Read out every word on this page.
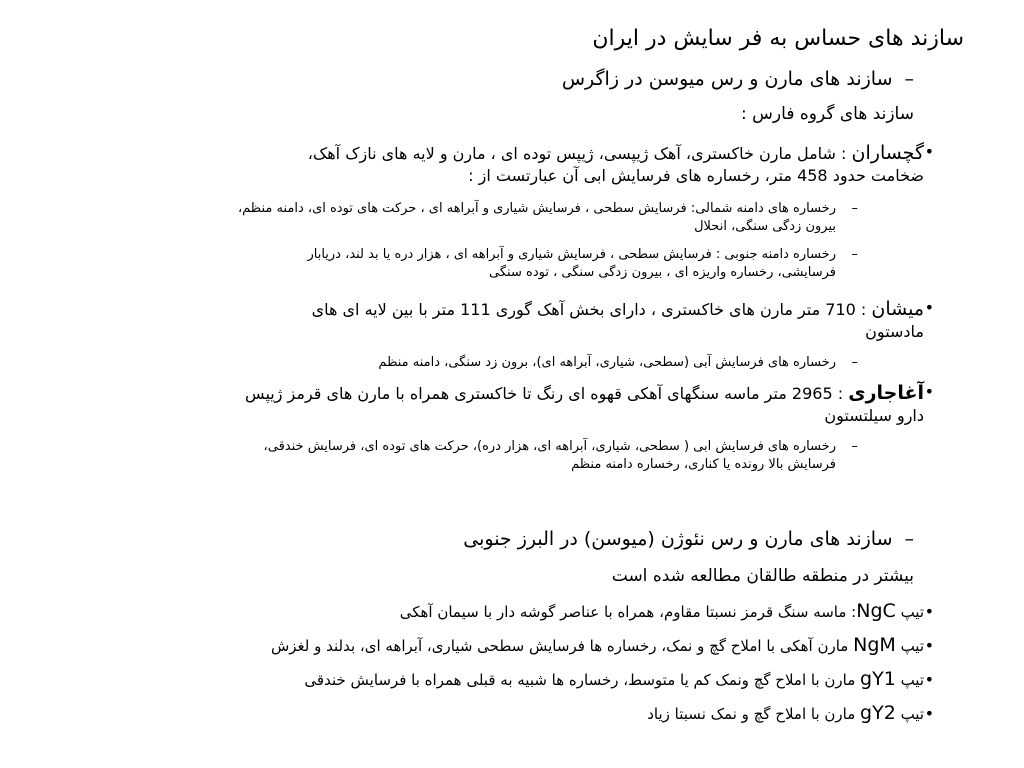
سازند های حساس به فر سایش در ایران
–سازند های مارن و رس میوسن در زاگرس
سازند های گروه فارس :
•
گچساران : شامل مارن خاکستری، آهک ژیپسی، ژیپس توده ای ، مارن و لایه های نازک آهک،
ضخامت حدود 458 متر، رخساره های فرسایش ابی آن عبارتست از :
–
رخساره های دامنه شمالی: فرسایش سطحی ، فرسایش شیاری و آبراهه ای ، حرکت های توده ای، دامنه منظم،
بیرون زدگی سنگی، انحلال
–
رخساره دامنه جنوبی : فرسایش سطحی ، فرسایش شیاری و آبراهه ای ، هزار دره یا بد لند، دریابار
فرسایشی، رخساره واریزه ای ، بیرون زدگی سنگی ، توده سنگی
•
میشان : 710 متر مارن های خاکستری ، دارای بخش آهک گوری 111 متر با بین لایه ای های
مادستون
–
رخساره های فرسایش آبی (سطحی، شیاری، آبراهه ای)، برون زد سنگی، دامنه منظم
•
آغاجاری : 2965 متر ماسه سنگهای آهکی قهوه ای رنگ تا خاکستری همراه با مارن های قرمز ژیپس
دارو سیلتستون
–
رخساره های فرسایش ابی ( سطحی، شیاری، آبراهه ای، هزار دره)، حرکت های توده ای، فرسایش خندقی،
فرسایش بالا رونده یا کناری، رخساره دامنه منظم
–سازند های مارن و رس نئوژن (میوسن) در البرز جنوبی
بیشتر در منطقه طالقان مطالعه شده است
•
تیپ NgC: ماسه سنگ قرمز نسبتا مقاوم، همراه با عناصر گوشه دار با سیمان آهکی
•
تیپ NgM مارن آهکی با املاح گچ و نمک، رخساره ها فرسایش سطحی شیاری، آبراهه ای، بدلند و لغزش
•
تیپ gY1 مارن با املاح گچ ونمک کم یا متوسط، رخساره ها شبیه به قبلی همراه با فرسایش خندقی
•
تیپ gY2 مارن با املاح گچ و نمک نسبتا زیاد
